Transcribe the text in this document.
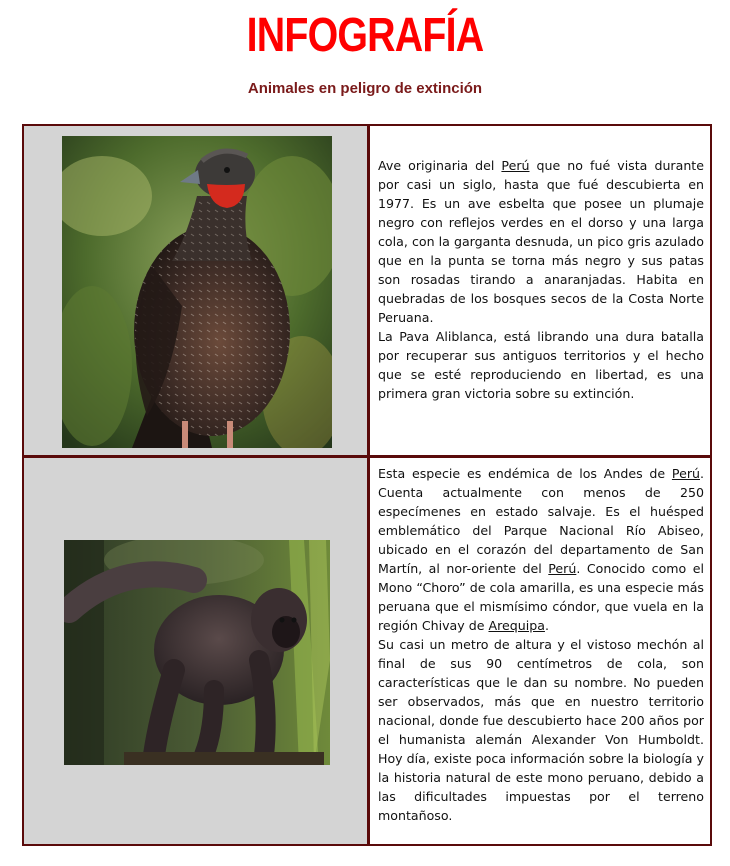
INFOGRAFÍA
Animales en peligro de extinción

Ave originaria del Perú que no fué vista durante por casi un siglo, hasta que fué descubierta en 1977. Es un ave esbelta que posee un plumaje negro con reflejos verdes en el dorso y una larga cola, con la garganta desnuda, un pico gris azulado que en la punta se torna más negro y sus patas son rosadas tirando a anaranjadas. Habita en quebradas de los bosques secos de la Costa Norte Peruana.

La Pava Aliblanca, está librando una dura batalla por recuperar sus antiguos territorios y el hecho que se esté reproduciendo en libertad, es una primera gran victoria sobre su extinción.

Esta especie es endémica de los Andes de Perú. Cuenta actualmente con menos de 250 especímenes en estado salvaje. Es el huésped emblemático del Parque Nacional Río Abiseo, ubicado en el corazón del departamento de San Martín, al nor-oriente del Perú. Conocido como el Mono “Choro” de cola amarilla, es una especie más peruana que el mismísimo cóndor, que vuela en la región Chivay de Arequipa.

Su casi un metro de altura y el vistoso mechón al final de sus 90 centímetros de cola, son características que le dan su nombre. No pueden ser observados, más que en nuestro territorio nacional, donde fue descubierto hace 200 años por el humanista alemán Alexander Von Humboldt. Hoy día, existe poca información sobre la biología y la historia natural de este mono peruano, debido a las dificultades impuestas por el terreno montañoso.
